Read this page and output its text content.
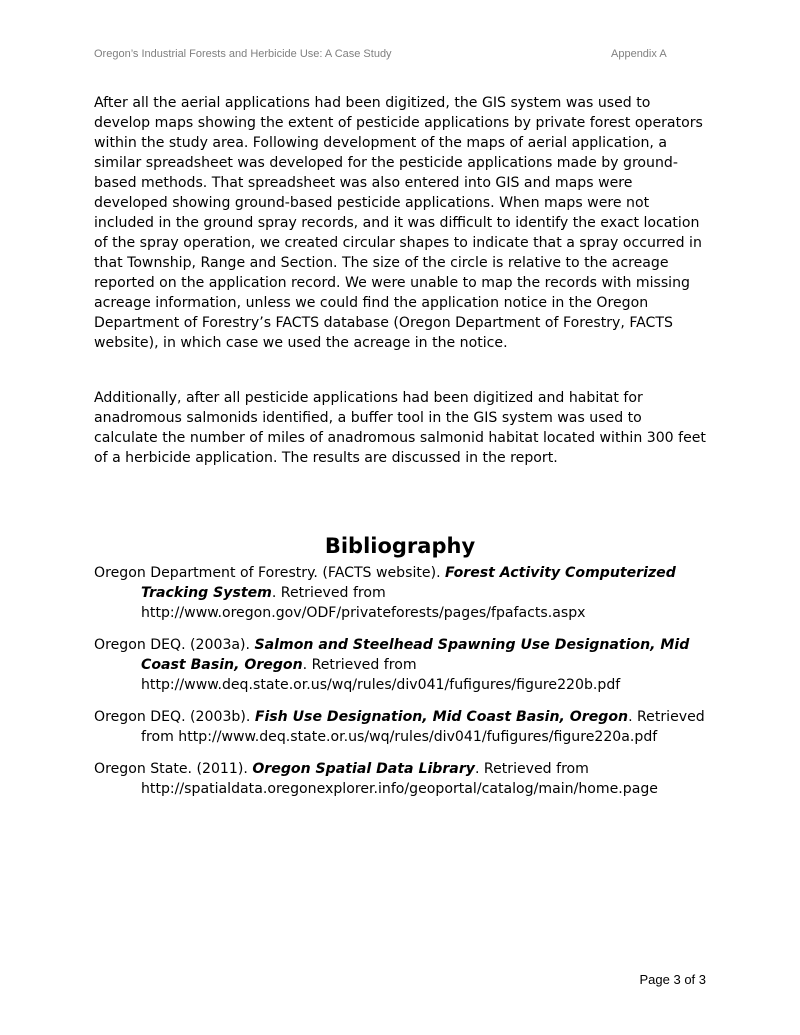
Oregon’s Industrial Forests and Herbicide Use: A Case Study	Appendix A

After all the aerial applications had been digitized, the GIS system was used to develop maps showing the extent of pesticide applications by private forest operators within the study area. Following development of the maps of aerial application, a similar spreadsheet was developed for the pesticide applications made by ground-based methods. That spreadsheet was also entered into GIS and maps were developed showing ground-based pesticide applications. When maps were not included in the ground spray records, and it was difficult to identify the exact location of the spray operation, we created circular shapes to indicate that a spray occurred in that Township, Range and Section. The size of the circle is relative to the acreage reported on the application record. We were unable to map the records with missing acreage information, unless we could find the application notice in the Oregon Department of Forestry’s FACTS database (Oregon Department of Forestry, FACTS website), in which case we used the acreage in the notice.

Additionally, after all pesticide applications had been digitized and habitat for anadromous salmonids identified, a buffer tool in the GIS system was used to calculate the number of miles of anadromous salmonid habitat located within 300 feet of a herbicide application. The results are discussed in the report.

Bibliography
Oregon Department of Forestry. (FACTS website). Forest Activity Computerized Tracking System. Retrieved from http://www.oregon.gov/ODF/privateforests/pages/fpafacts.aspx
Oregon DEQ. (2003a). Salmon and Steelhead Spawning Use Designation, Mid Coast Basin, Oregon. Retrieved from http://www.deq.state.or.us/wq/rules/div041/fufigures/figure220b.pdf
Oregon DEQ. (2003b). Fish Use Designation, Mid Coast Basin, Oregon. Retrieved from http://www.deq.state.or.us/wq/rules/div041/fufigures/figure220a.pdf
Oregon State. (2011). Oregon Spatial Data Library. Retrieved from http://spatialdata.oregonexplorer.info/geoportal/catalog/main/home.page
Page 3 of 3
